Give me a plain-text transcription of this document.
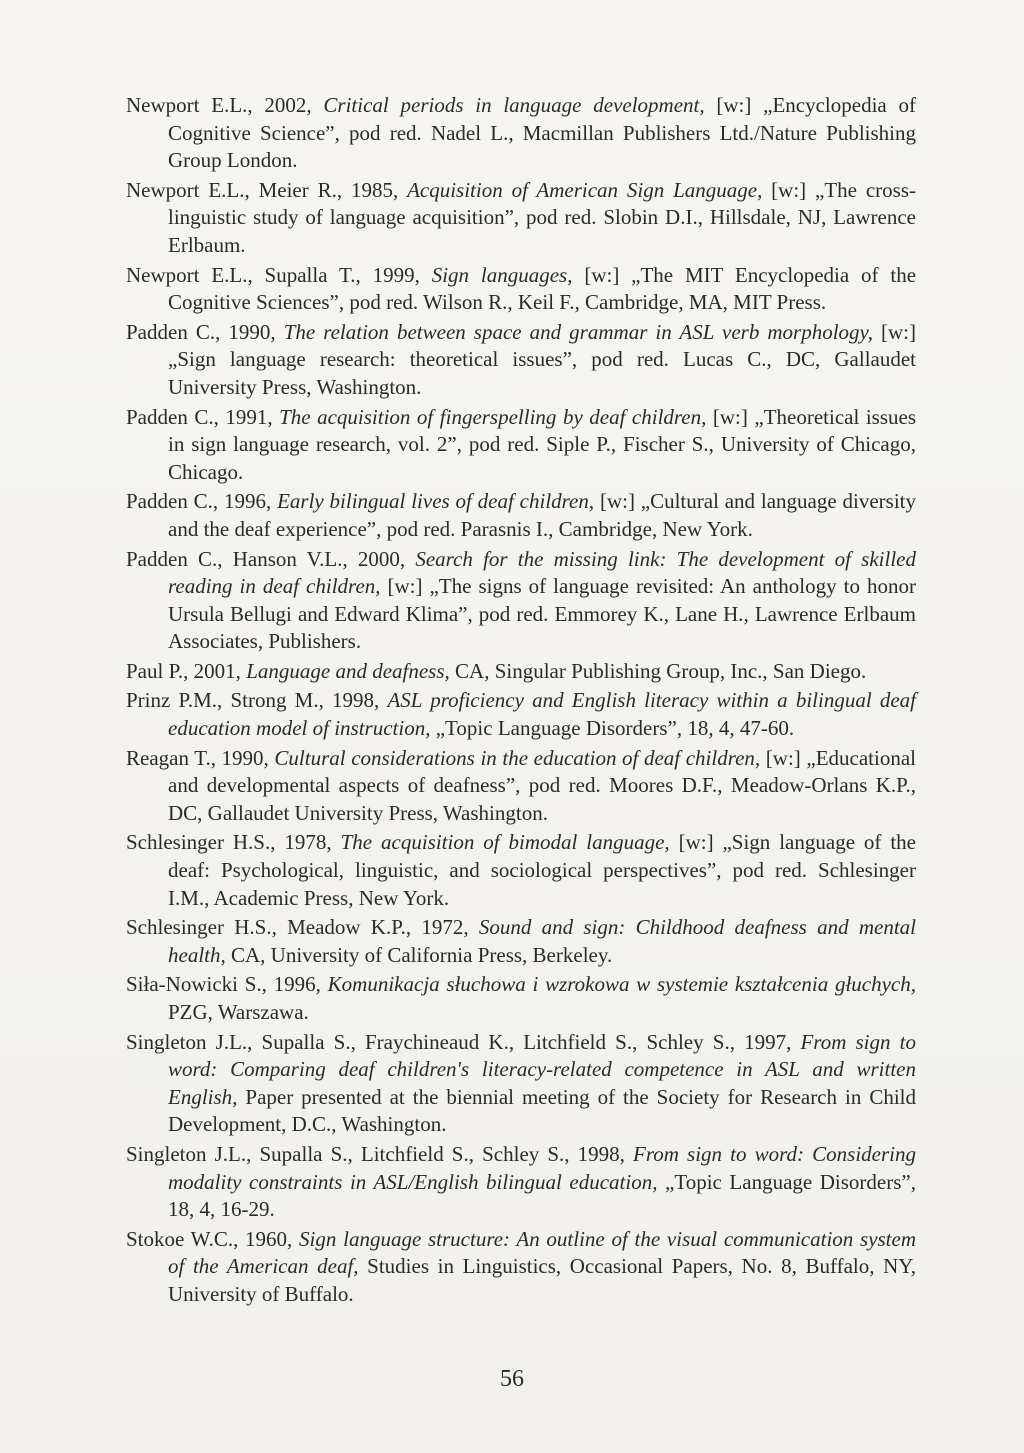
Newport E.L., 2002, Critical periods in language development, [w:] „Encyclopedia of Cognitive Science”, pod red. Nadel L., Macmillan Publishers Ltd./Nature Publishing Group London.

Newport E.L., Meier R., 1985, Acquisition of American Sign Language, [w:] „The cross-linguistic study of language acquisition”, pod red. Slobin D.I., Hillsdale, NJ, Lawrence Erlbaum.

Newport E.L., Supalla T., 1999, Sign languages, [w:] „The MIT Encyclopedia of the Cognitive Sciences”, pod red. Wilson R., Keil F., Cambridge, MA, MIT Press.

Padden C., 1990, The relation between space and grammar in ASL verb morphology, [w:] „Sign language research: theoretical issues”, pod red. Lucas C., DC, Gallaudet University Press, Washington.

Padden C., 1991, The acquisition of fingerspelling by deaf children, [w:] „Theoretical issues in sign language research, vol. 2”, pod red. Siple P., Fischer S., University of Chicago, Chicago.

Padden C., 1996, Early bilingual lives of deaf children, [w:] „Cultural and language diversity and the deaf experience”, pod red. Parasnis I., Cambridge, New York.

Padden C., Hanson V.L., 2000, Search for the missing link: The development of skilled reading in deaf children, [w:] „The signs of language revisited: An anthology to honor Ursula Bellugi and Edward Klima”, pod red. Emmorey K., Lane H., Lawrence Erlbaum Associates, Publishers.

Paul P., 2001, Language and deafness, CA, Singular Publishing Group, Inc., San Diego.

Prinz P.M., Strong M., 1998, ASL proficiency and English literacy within a bilingual deaf education model of instruction, „Topic Language Disorders”, 18, 4, 47-60.

Reagan T., 1990, Cultural considerations in the education of deaf children, [w:] „Educational and developmental aspects of deafness”, pod red. Moores D.F., Meadow-Orlans K.P., DC, Gallaudet University Press, Washington.

Schlesinger H.S., 1978, The acquisition of bimodal language, [w:] „Sign language of the deaf: Psychological, linguistic, and sociological perspectives”, pod red. Schlesinger I.M., Academic Press, New York.

Schlesinger H.S., Meadow K.P., 1972, Sound and sign: Childhood deafness and mental health, CA, University of California Press, Berkeley.

Siła-Nowicki S., 1996, Komunikacja słuchowa i wzrokowa w systemie kształcenia głuchych, PZG, Warszawa.

Singleton J.L., Supalla S., Fraychineaud K., Litchfield S., Schley S., 1997, From sign to word: Comparing deaf children's literacy-related competence in ASL and written English, Paper presented at the biennial meeting of the Society for Research in Child Development, D.C., Washington.

Singleton J.L., Supalla S., Litchfield S., Schley S., 1998, From sign to word: Considering modality constraints in ASL/English bilingual education, „Topic Language Disorders”, 18, 4, 16-29.

Stokoe W.C., 1960, Sign language structure: An outline of the visual communication system of the American deaf, Studies in Linguistics, Occasional Papers, No. 8, Buffalo, NY, University of Buffalo.

56
